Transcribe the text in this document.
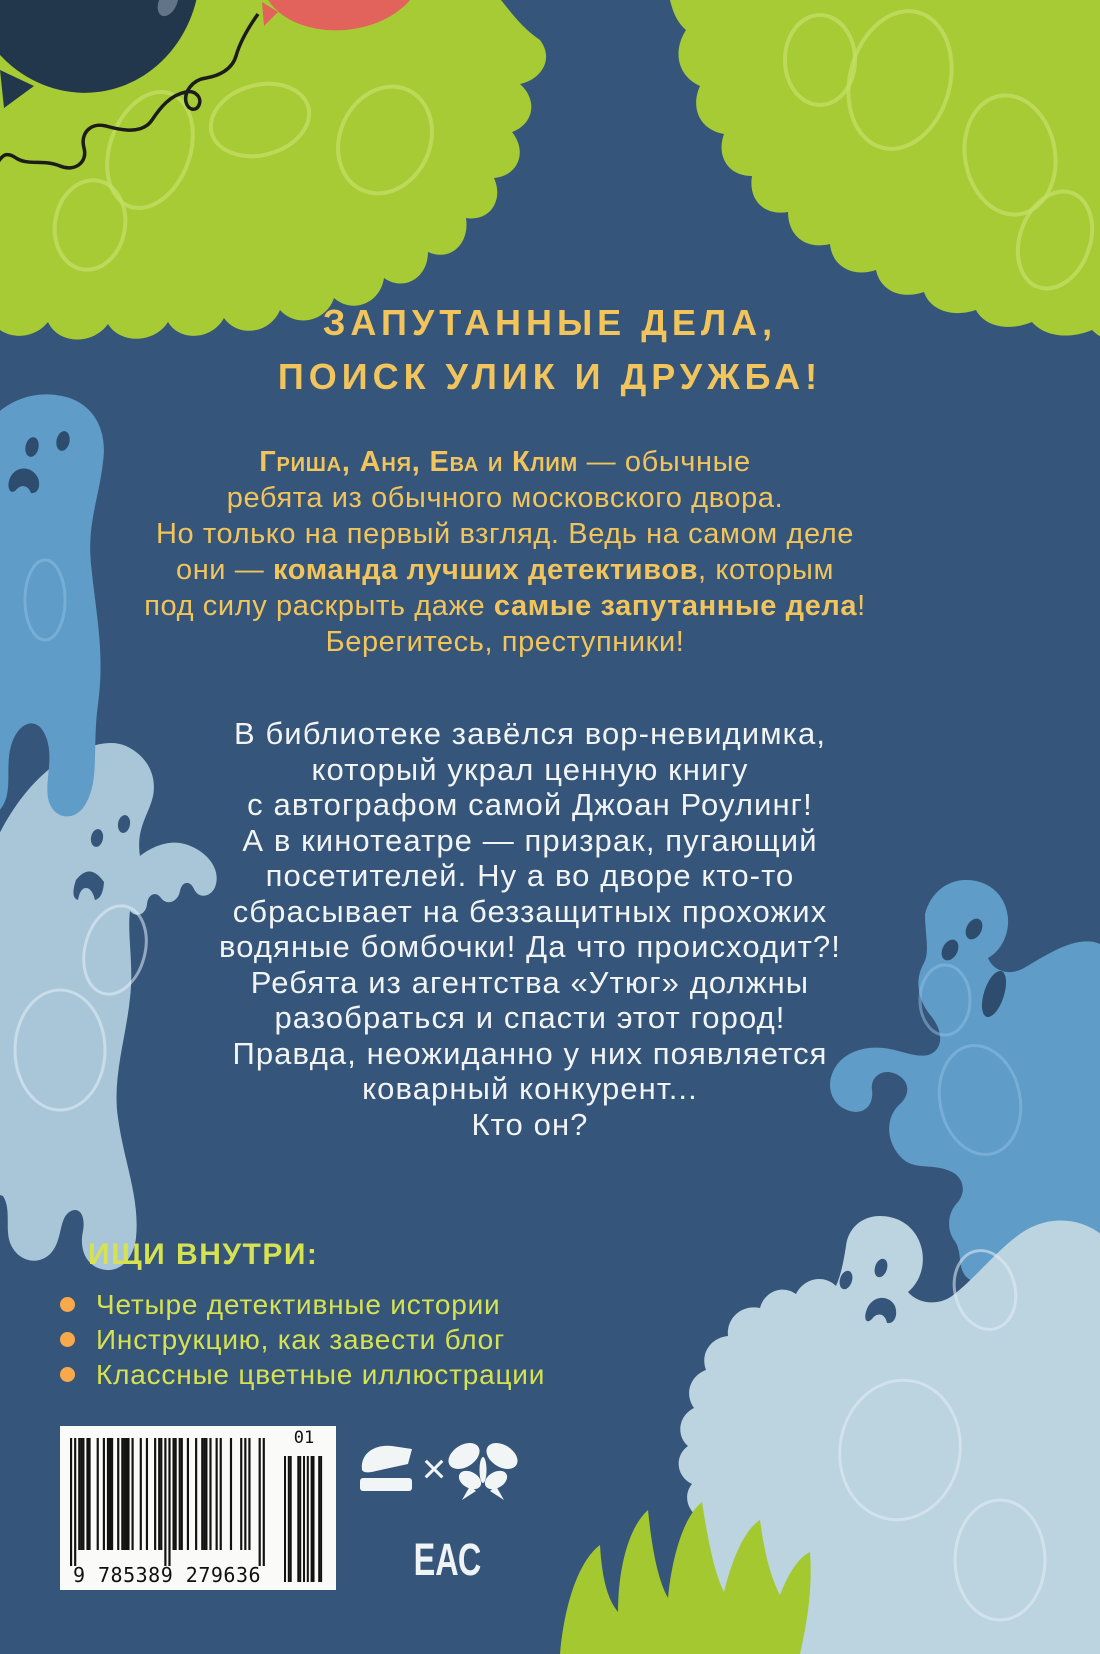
ЗАПУТАННЫЕ ДЕЛА,
ПОИСК УЛИК И ДРУЖБА!
Гриша, Аня, Ева и Клим — обычные
ребята из обычного московского двора.
Но только на первый взгляд. Ведь на самом деле
они — команда лучших детективов, которым
под силу раскрыть даже самые запутанные дела!
Берегитесь, преступники!
В библиотеке завёлся вор-невидимка,
который украл ценную книгу
с автографом самой Джоан Роулинг!
А в кинотеатре — призрак, пугающий
посетителей. Ну а во дворе кто-то
сбрасывает на беззащитных прохожих
водяные бомбочки! Да что происходит?!
Ребята из агентства «Утюг» должны
разобраться и спасти этот город!
Правда, неожиданно у них появляется
коварный конкурент...
Кто он?
ИЩИ ВНУТРИ:
Четыре детективные истории
Инструкцию, как завести блог
Классные цветные иллюстрации
01
9 785389 279636
×
ЕАС
